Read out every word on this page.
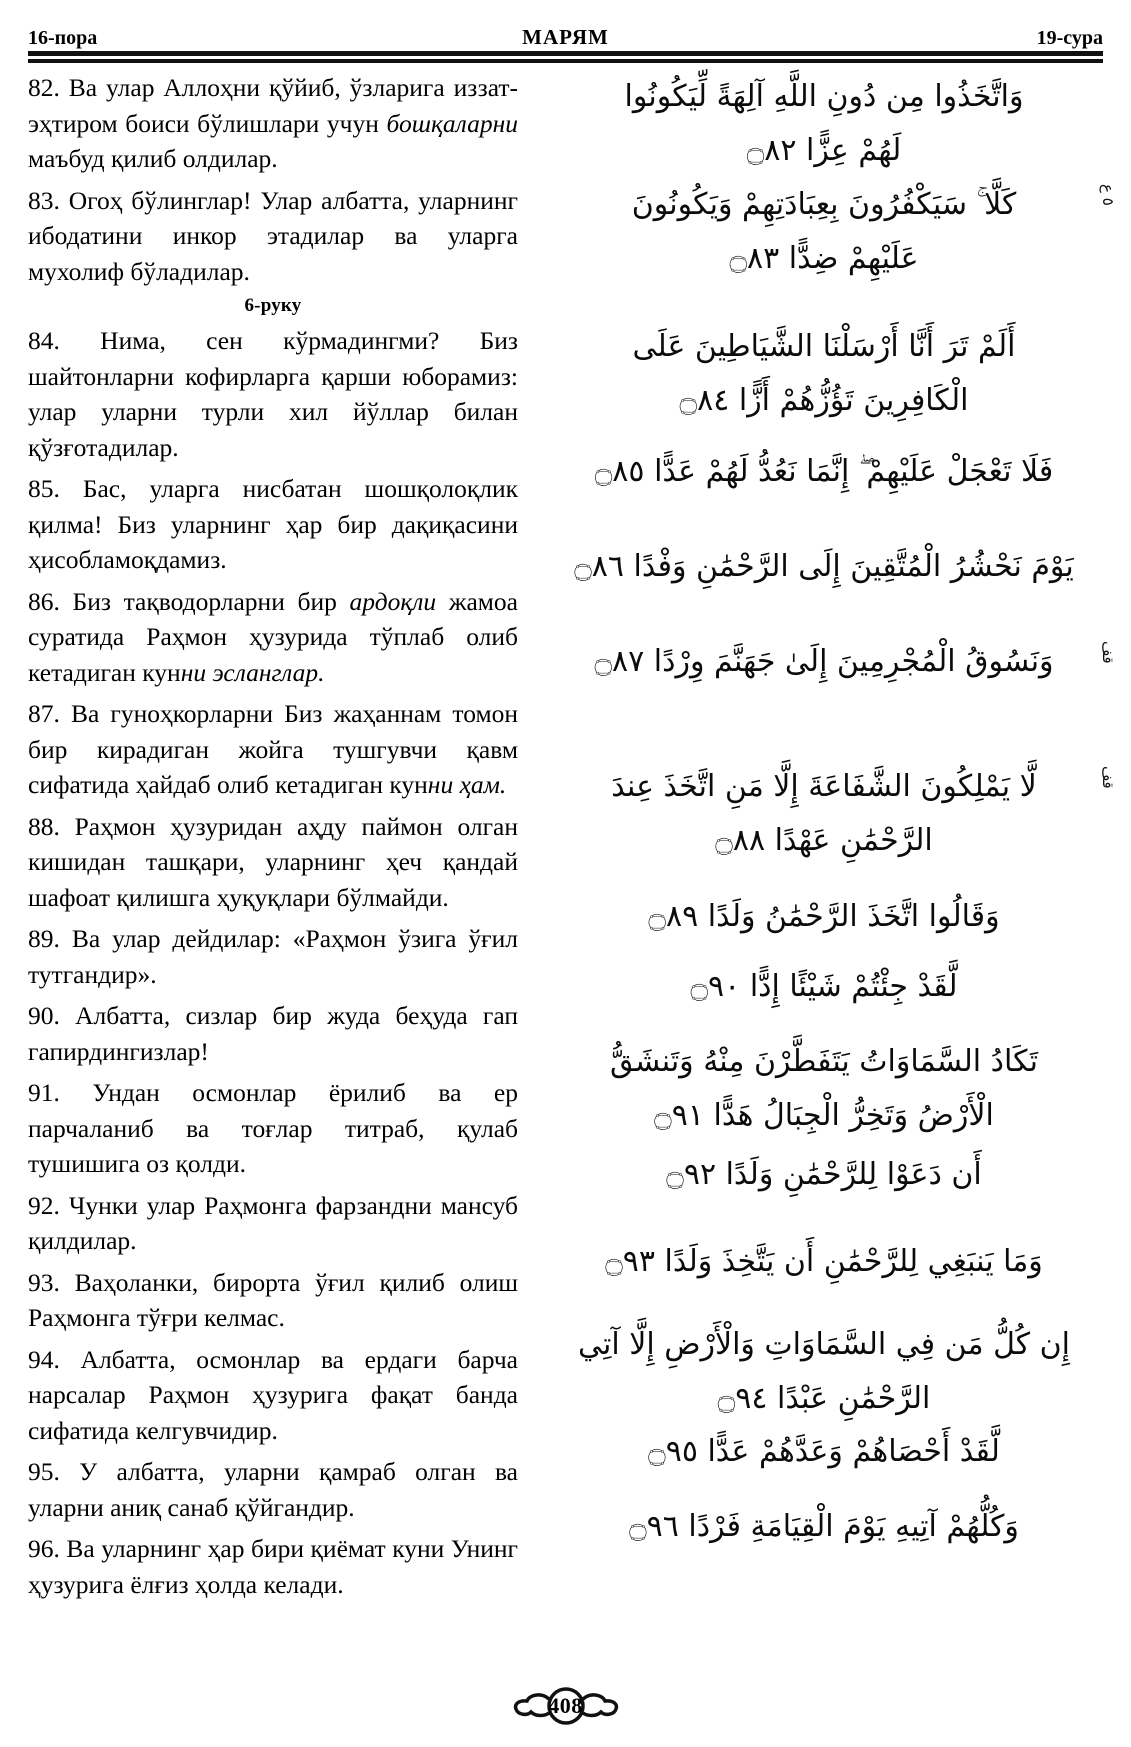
16-пора	МАРЯМ	19-сура

82. Ва улар Аллоҳни қўйиб, ўзларига иззат-эҳтиром боиси бўлишлари учун бошқаларни маъбуд қилиб олдилар.

83. Огоҳ бўлинглар! Улар албатта, уларнинг ибодатини инкор этадилар ва уларга мухолиф бўладилар.

6-руку

84. Нима, сен кўрмадингми? Биз шайтонларни кофирларга қарши юборамиз: улар уларни турли хил йўллар билан қўзғотадилар.

85. Бас, уларга нисбатан шошқолоқлик қилма! Биз уларнинг ҳар бир дақиқасини ҳисобламоқдамиз.

86. Биз тақводорларни бир ардоқли жамоа суратида Раҳмон ҳузурида тўплаб олиб кетадиган кунни эсланглар.

87. Ва гуноҳкорларни Биз жаҳаннам томон бир кирадиган жойга тушгувчи қавм сифатида ҳайдаб олиб кетадиган кунни ҳам.

88. Раҳмон ҳузуридан аҳду паймон олган кишидан ташқари, уларнинг ҳеч қандай шафоат қилишга ҳуқуқлари бўлмайди.

89. Ва улар дейдилар: «Раҳмон ўзига ўғил тутгандир».

90. Албатта, сизлар бир жуда беҳуда гап гапирдингизлар!

91. Ундан осмонлар ёрилиб ва ер парчаланиб ва тоғлар титраб, қулаб тушишига оз қолди.

92. Чунки улар Раҳмонга фарзандни мансуб қилдилар.

93. Ваҳоланки, бирорта ўғил қилиб олиш Раҳмонга тўғри келмас.

94. Албатта, осмонлар ва ердаги барча нарсалар Раҳмон ҳузурига фақат банда сифатида келгувчидир.

95. У албатта, уларни қамраб олган ва уларни аниқ санаб қўйгандир.

96. Ва уларнинг ҳар бири қиёмат куни Унинг ҳузурига ёлғиз ҳолда келади.

وَاتَّخَذُوا مِن دُونِ اللَّهِ آلِهَةً لِّيَكُونُوا
لَهُمْ عِزًّا ۝٨٢
كَلَّا ۚ سَيَكْفُرُونَ بِعِبَادَتِهِمْ وَيَكُونُونَ
عَلَيْهِمْ ضِدًّا ۝٨٣
٥ ع
أَلَمْ تَرَ أَنَّا أَرْسَلْنَا الشَّيَاطِينَ عَلَى
الْكَافِرِينَ تَؤُزُّهُمْ أَزًّا ۝٨٤
فَلَا تَعْجَلْ عَلَيْهِمْ ۖ إِنَّمَا نَعُدُّ لَهُمْ عَدًّا ۝٨٥
يَوْمَ نَحْشُرُ الْمُتَّقِينَ إِلَى الرَّحْمَٰنِ وَفْدًا ۝٨٦
وَنَسُوقُ الْمُجْرِمِينَ إِلَىٰ جَهَنَّمَ وِرْدًا ۝٨٧	قف
لَّا يَمْلِكُونَ الشَّفَاعَةَ إِلَّا مَنِ اتَّخَذَ عِندَ
الرَّحْمَٰنِ عَهْدًا ۝٨٨
قف
وَقَالُوا اتَّخَذَ الرَّحْمَٰنُ وَلَدًا ۝٨٩
لَّقَدْ جِئْتُمْ شَيْئًا إِدًّا ۝٩٠
تَكَادُ السَّمَاوَاتُ يَتَفَطَّرْنَ مِنْهُ وَتَنشَقُّ
الْأَرْضُ وَتَخِرُّ الْجِبَالُ هَدًّا ۝٩١
أَن دَعَوْا لِلرَّحْمَٰنِ وَلَدًا ۝٩٢
وَمَا يَنبَغِي لِلرَّحْمَٰنِ أَن يَتَّخِذَ وَلَدًا ۝٩٣
إِن كُلُّ مَن فِي السَّمَاوَاتِ وَالْأَرْضِ إِلَّا آتِي
الرَّحْمَٰنِ عَبْدًا ۝٩٤
لَّقَدْ أَحْصَاهُمْ وَعَدَّهُمْ عَدًّا ۝٩٥
وَكُلُّهُمْ آتِيهِ يَوْمَ الْقِيَامَةِ فَرْدًا ۝٩٦
408
